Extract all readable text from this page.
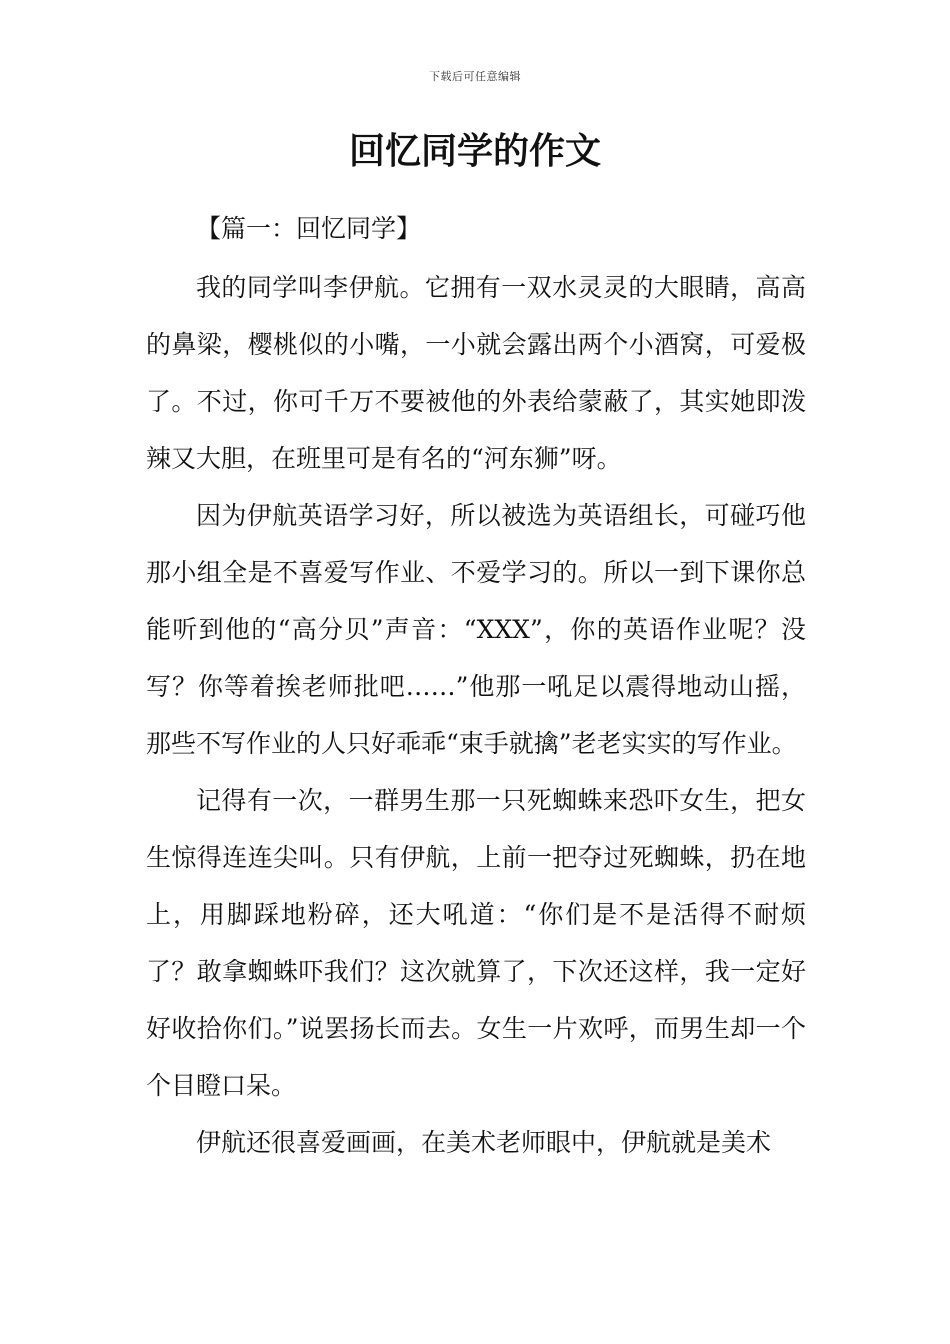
下载后可任意编辑
回忆同学的作文

【篇一：回忆同学】

我的同学叫李伊航。它拥有一双水灵灵的大眼睛，高高的鼻梁，樱桃似的小嘴，一小就会露出两个小酒窝，可爱极了。不过，你可千万不要被他的外表给蒙蔽了，其实她即泼辣又大胆，在班里可是有名的“河东狮”呀。

因为伊航英语学习好，所以被选为英语组长，可碰巧他那小组全是不喜爱写作业、不爱学习的。所以一到下课你总能听到他的“高分贝”声音：“XXX”，你的英语作业呢？没写？你等着挨老师批吧……”他那一吼足以震得地动山摇，那些不写作业的人只好乖乖“束手就擒”老老实实的写作业。

记得有一次，一群男生那一只死蜘蛛来恐吓女生，把女生惊得连连尖叫。只有伊航，上前一把夺过死蜘蛛，扔在地上，用脚踩地粉碎，还大吼道：“你们是不是活得不耐烦了？敢拿蜘蛛吓我们？这次就算了，下次还这样，我一定好好收拾你们。”说罢扬长而去。女生一片欢呼，而男生却一个个目瞪口呆。

伊航还很喜爱画画，在美术老师眼中，伊航就是美术
